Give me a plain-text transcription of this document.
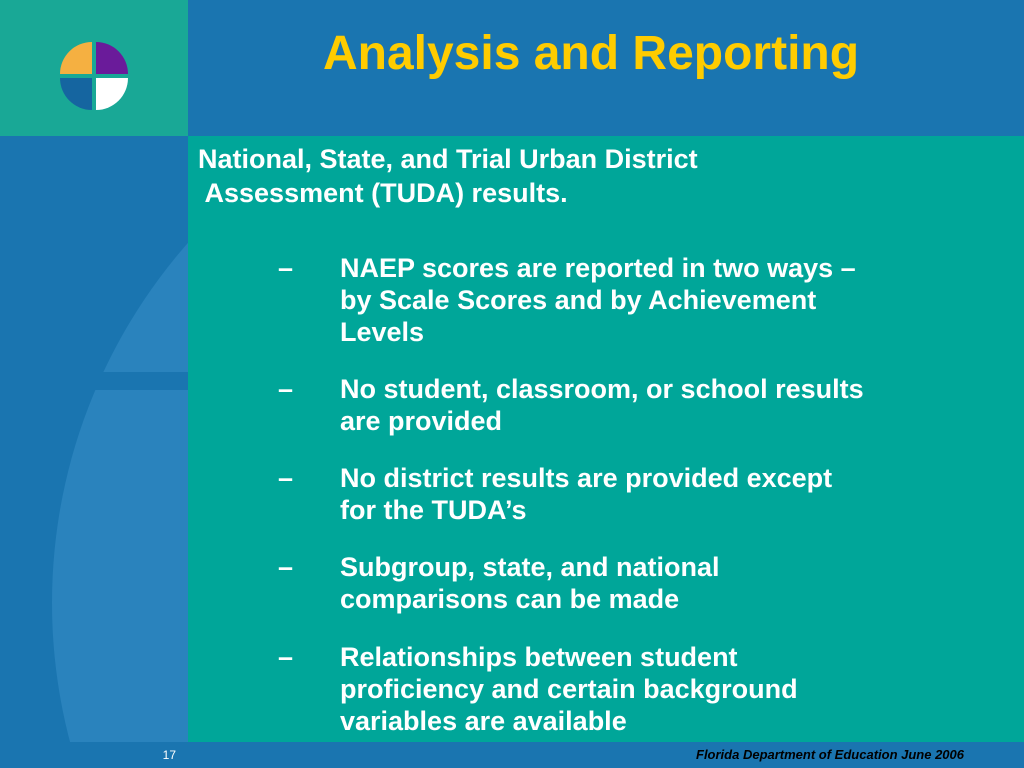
Analysis and Reporting
National, State, and Trial Urban District
Assessment (TUDA) results.
–	NAEP scores are reported in two ways –
by Scale Scores and by Achievement
Levels
–	No student, classroom, or school results
are provided
–	No district results are provided except
for the TUDA’s
–	Subgroup, state, and national
comparisons can be made
–	Relationships between student
proficiency and certain background
variables are available
17	Florida Department of Education June 2006
